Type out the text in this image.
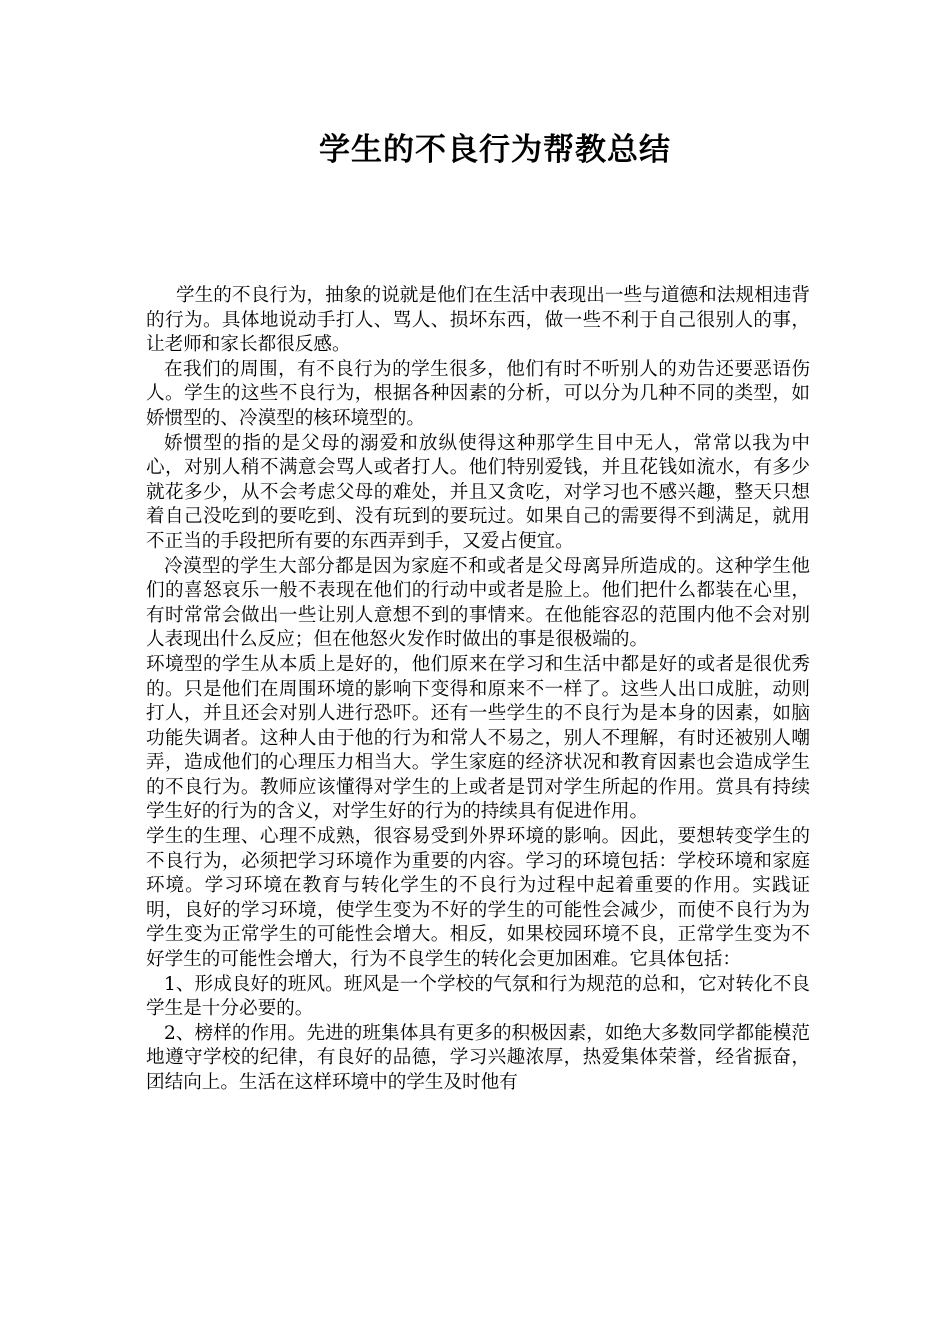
学生的不良行为帮教总结

学生的不良行为，抽象的说就是他们在生活中表现出一些与道德和法规相违背的行为。具体地说动手打人、骂人、损坏东西，做一些不利于自己很别人的事，让老师和家长都很反感。

在我们的周围，有不良行为的学生很多，他们有时不听别人的劝告还要恶语伤人。学生的这些不良行为，根据各种因素的分析，可以分为几种不同的类型，如娇惯型的、冷漠型的核环境型的。

娇惯型的指的是父母的溺爱和放纵使得这种那学生目中无人，常常以我为中心，对别人稍不满意会骂人或者打人。他们特别爱钱，并且花钱如流水，有多少就花多少，从不会考虑父母的难处，并且又贪吃，对学习也不感兴趣，整天只想着自己没吃到的要吃到、没有玩到的要玩过。如果自己的需要得不到满足，就用不正当的手段把所有要的东西弄到手，又爱占便宜。

冷漠型的学生大部分都是因为家庭不和或者是父母离异所造成的。这种学生他们的喜怒哀乐一般不表现在他们的行动中或者是脸上。他们把什么都装在心里，有时常常会做出一些让别人意想不到的事情来。在他能容忍的范围内他不会对别人表现出什么反应；但在他怒火发作时做出的事是很极端的。

环境型的学生从本质上是好的，他们原来在学习和生活中都是好的或者是很优秀的。只是他们在周围环境的影响下变得和原来不一样了。这些人出口成脏，动则打人，并且还会对别人进行恐吓。还有一些学生的不良行为是本身的因素，如脑功能失调者。这种人由于他的行为和常人不易之，别人不理解，有时还被别人嘲弄，造成他们的心理压力相当大。学生家庭的经济状况和教育因素也会造成学生的不良行为。教师应该懂得对学生的上或者是罚对学生所起的作用。赏具有持续学生好的行为的含义，对学生好的行为的持续具有促进作用。

学生的生理、心理不成熟，很容易受到外界环境的影响。因此，要想转变学生的不良行为，必须把学习环境作为重要的内容。学习的环境包括：学校环境和家庭环境。学习环境在教育与转化学生的不良行为过程中起着重要的作用。实践证明，良好的学习环境，使学生变为不好的学生的可能性会减少，而使不良行为为学生变为正常学生的可能性会增大。相反，如果校园环境不良，正常学生变为不好学生的可能性会增大，行为不良学生的转化会更加困难。它具体包括：

1、形成良好的班风。班风是一个学校的气氛和行为规范的总和，它对转化不良学生是十分必要的。

2、榜样的作用。先进的班集体具有更多的积极因素，如绝大多数同学都能模范地遵守学校的纪律，有良好的品德，学习兴趣浓厚，热爱集体荣誉，经省振奋，团结向上。生活在这样环境中的学生及时他有
